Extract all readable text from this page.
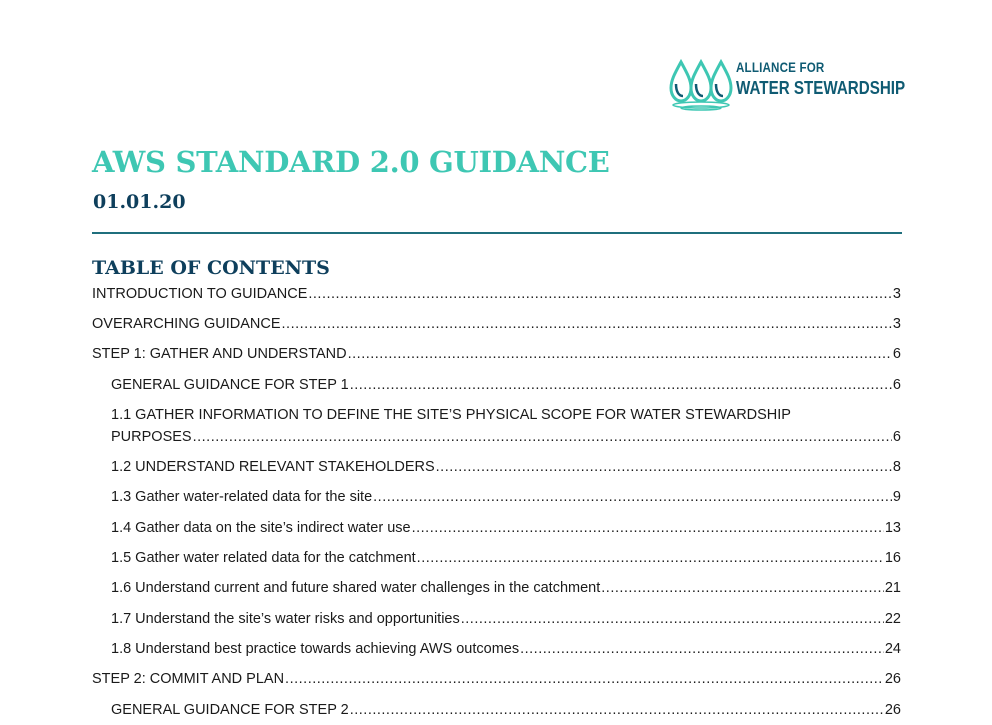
ALLIANCE FOR
WATER STEWARDSHIP
AWS STANDARD 2.0 GUIDANCE
01.01.20
TABLE OF CONTENTS
INTRODUCTION TO GUIDANCE .....	3
OVERARCHING GUIDANCE .....	3
STEP 1: GATHER AND UNDERSTAND .....	6
GENERAL GUIDANCE FOR STEP 1 .....	6
1.1 GATHER INFORMATION TO DEFINE THE SITE’S PHYSICAL SCOPE FOR WATER STEWARDSHIP
PURPOSES .....	6
1.2 UNDERSTAND RELEVANT STAKEHOLDERS .....	8
1.3 Gather water-related data for the site .....	9
1.4 Gather data on the site’s indirect water use .....	13
1.5 Gather water related data for the catchment .....	16
1.6 Understand current and future shared water challenges in the catchment .....	21
1.7 Understand the site’s water risks and opportunities .....	22
1.8 Understand best practice towards achieving AWS outcomes .....	24
STEP 2: COMMIT AND PLAN .....	26
GENERAL GUIDANCE FOR STEP 2 .....	26
